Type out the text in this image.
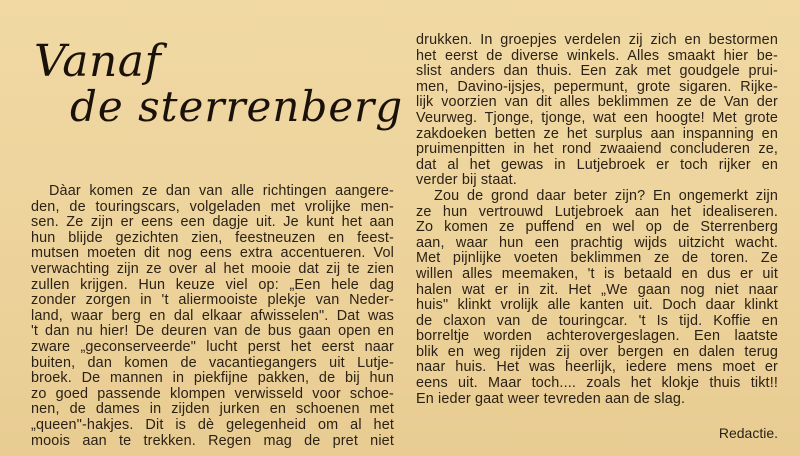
Vanaf
de sterrenberg
Dàar komen ze dan van alle richtingen aangere-
den, de touringscars, volgeladen met vrolijke men-
sen. Ze zijn er eens een dagje uit. Je kunt het aan
hun blijde gezichten zien, feestneuzen en feest-
mutsen moeten dit nog eens extra accentueren. Vol
verwachting zijn ze over al het mooie dat zij te zien
zullen krijgen. Hun keuze viel op: „Een hele dag
zonder zorgen in 't aliermooiste plekje van Neder-
land, waar berg en dal elkaar afwisselen". Dat was
't dan nu hier! De deuren van de bus gaan open en
zware „geconserveerde" lucht perst het eerst naar
buiten, dan komen de vacantiegangers uit Lutje-
broek. De mannen in piekfijne pakken, de bij hun
zo goed passende klompen verwisseld voor schoe-
nen, de dames in zijden jurken en schoenen met
„queen"-hakjes. Dit is dè gelegenheid om al het
moois aan te trekken. Regen mag de pret niet
drukken. In groepjes verdelen zij zich en bestormen
het eerst de diverse winkels. Alles smaakt hier be-
slist anders dan thuis. Een zak met goudgele prui-
men, Davino-ijsjes, pepermunt, grote sigaren. Rijke-
lijk voorzien van dit alles beklimmen ze de Van der
Veurweg. Tjonge, tjonge, wat een hoogte! Met grote
zakdoeken betten ze het surplus aan inspanning en
pruimenpitten in het rond zwaaiend concluderen ze,
dat al het gewas in Lutjebroek er toch rijker en
verder bij staat.
Zou de grond daar beter zijn? En ongemerkt zijn
ze hun vertrouwd Lutjebroek aan het idealiseren.
Zo komen ze puffend en wel op de Sterrenberg
aan, waar hun een prachtig wijds uitzicht wacht.
Met pijnlijke voeten beklimmen ze de toren. Ze
willen alles meemaken, 't is betaald en dus er uit
halen wat er in zit. Het „We gaan nog niet naar
huis" klinkt vrolijk alle kanten uit. Doch daar klinkt
de claxon van de touringcar. 't Is tijd. Koffie en
borreltje worden achterovergeslagen. Een laatste
blik en weg rijden zij over bergen en dalen terug
naar huis. Het was heerlijk, iedere mens moet er
eens uit. Maar toch.... zoals het klokje thuis tikt!!
En ieder gaat weer tevreden aan de slag.
Redactie.
